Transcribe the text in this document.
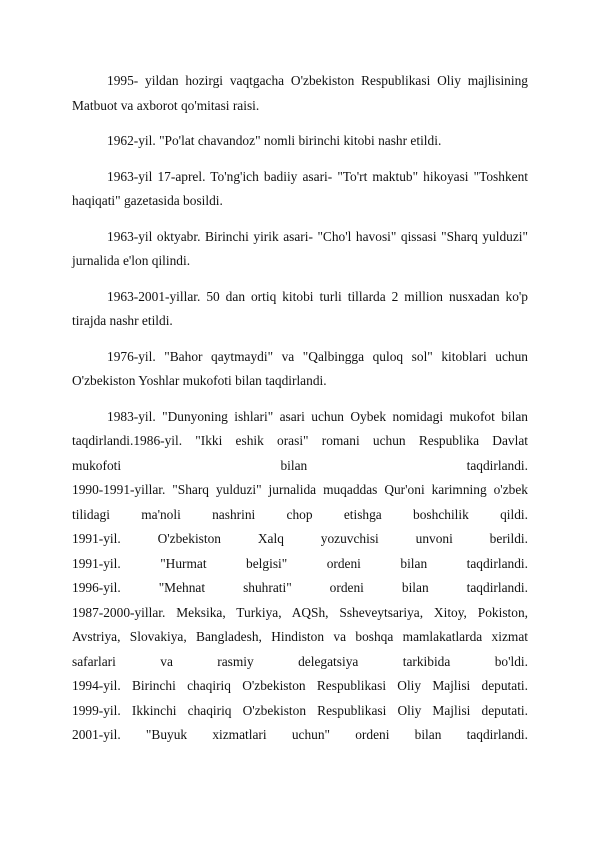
1995- yildan hozirgi vaqtgacha O'zbekiston Respublikasi Oliy majlisining Matbuot va axborot qo'mitasi raisi.

1962-yil. "Po'lat chavandoz" nomli birinchi kitobi nashr etildi.

1963-yil 17-aprel. To'ng'ich badiiy asari- "To'rt maktub" hikoyasi "Toshkent haqiqati" gazetasida bosildi.

1963-yil oktyabr. Birinchi yirik asari- "Cho'l havosi" qissasi "Sharq yulduzi" jurnalida e'lon qilindi.

1963-2001-yillar. 50 dan ortiq kitobi turli tillarda 2 million nusxadan ko'p tirajda nashr etildi.

1976-yil. "Bahor qaytmaydi" va "Qalbingga quloq sol" kitoblari uchun O'zbekiston Yoshlar mukofoti bilan taqdirlandi.

1983-yil. "Dunyoning ishlari" asari uchun Oybek nomidagi mukofot bilan
taqdirlandi.1986-yil. "Ikki eshik orasi" romani uchun Respublika Davlat
mukofoti bilan taqdirlandi.
1990-1991-yillar. "Sharq yulduzi" jurnalida muqaddas Qur'oni karimning o'zbek
tilidagi ma'noli nashrini chop etishga boshchilik qildi.
1991-yil. O'zbekiston Xalq yozuvchisi unvoni berildi.
1991-yil. "Hurmat belgisi" ordeni bilan taqdirlandi.
1996-yil. "Mehnat shuhrati" ordeni bilan taqdirlandi.
1987-2000-yillar. Meksika, Turkiya, AQSh, Ssheveytsariya, Xitoy, Pokiston,
Avstriya, Slovakiya, Bangladesh, Hindiston va boshqa mamlakatlarda xizmat
safarlari va rasmiy delegatsiya tarkibida bo'ldi.
1994-yil. Birinchi chaqiriq O'zbekiston Respublikasi Oliy Majlisi deputati.
1999-yil. Ikkinchi chaqiriq O'zbekiston Respublikasi Oliy Majlisi deputati.
2001-yil. "Buyuk xizmatlari uchun" ordeni bilan taqdirlandi.
